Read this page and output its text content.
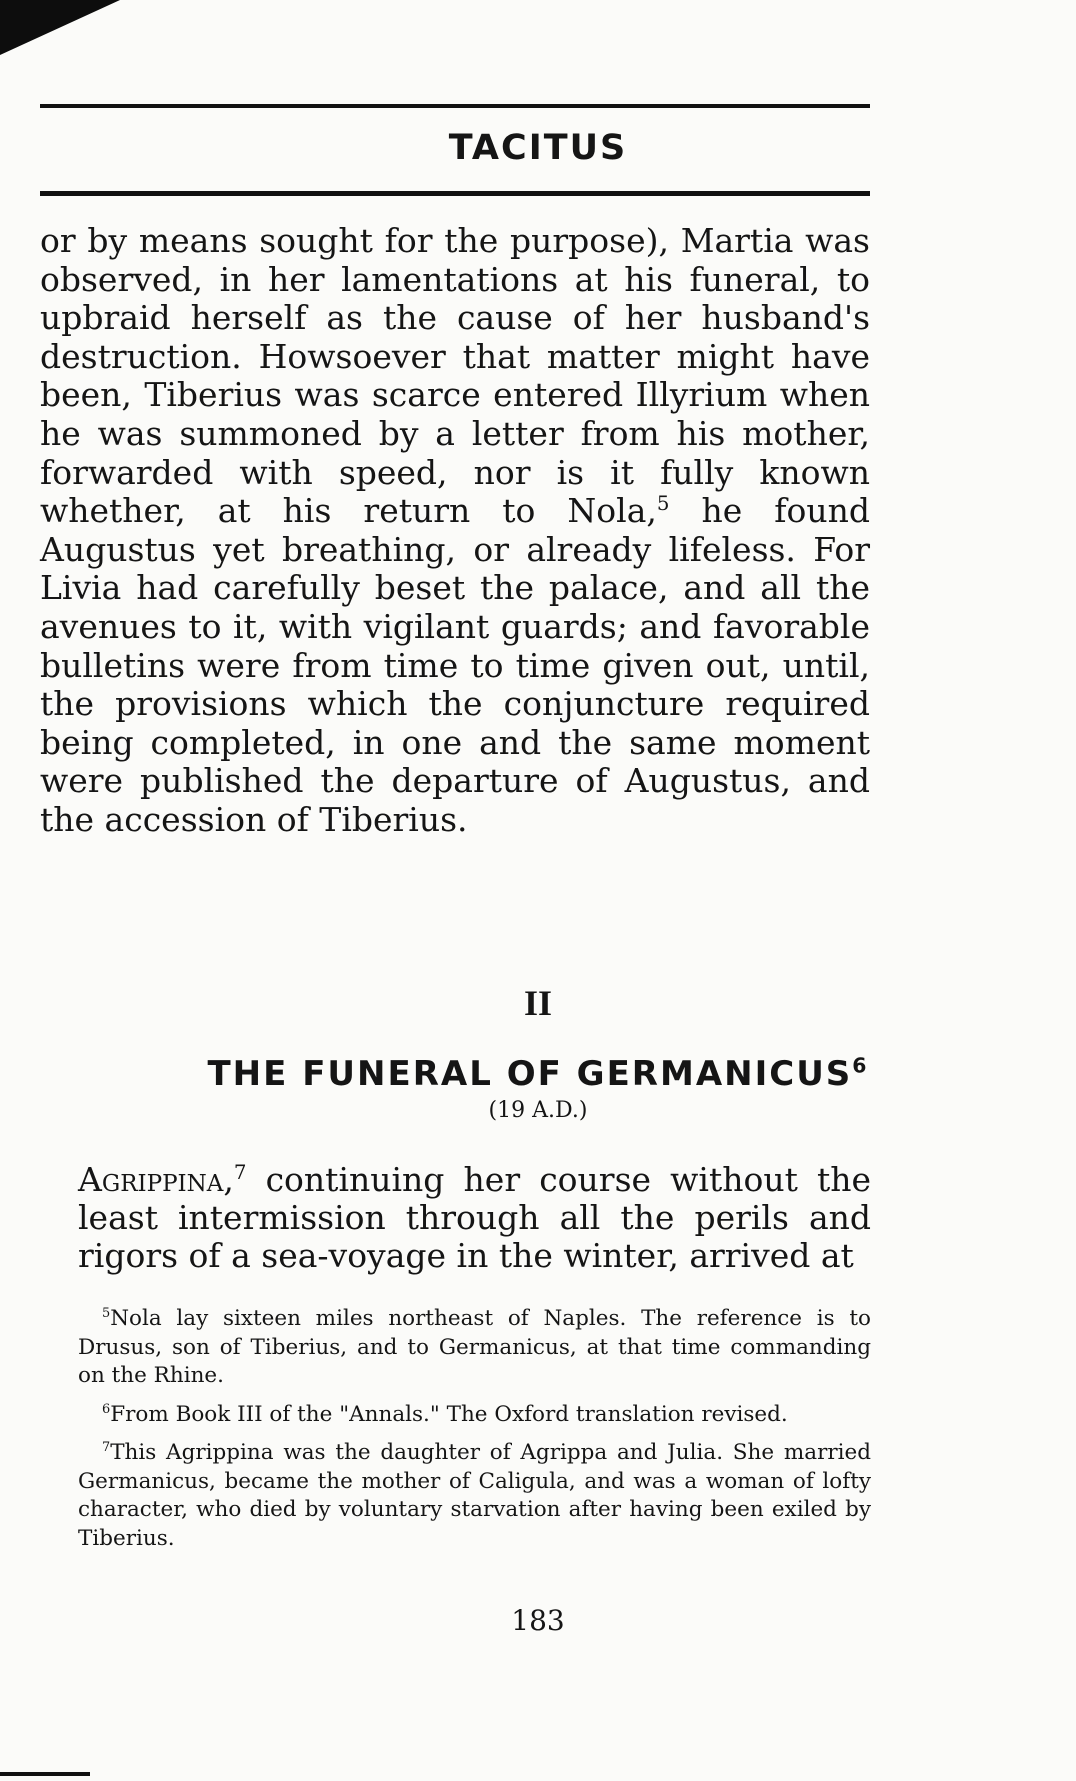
TACITUS
or by means sought for the purpose), Martia was observed, in her lamentations at his funeral, to upbraid herself as the cause of her husband's destruction. Howsoever that matter might have been, Tiberius was scarce entered Illyrium when he was summoned by a letter from his mother, forwarded with speed, nor is it fully known whether, at his return to Nola,$^5$ he found Augustus yet breathing, or already lifeless. For Livia had carefully beset the palace, and all the avenues to it, with vigilant guards; and favorable bulletins were from time to time given out, until, the provisions which the conjuncture required being completed, in one and the same moment were published the departure of Augustus, and the accession of Tiberius.
II
THE FUNERAL OF GERMANICUS$^6$
(19 A.D.)
Agrippina,$^7$ continuing her course without the least intermission through all the perils and rigors of a sea-voyage in the winter, arrived at

$^5$Nola lay sixteen miles northeast of Naples. The reference is to Drusus, son of Tiberius, and to Germanicus, at that time commanding on the Rhine.

$^6$From Book III of the "Annals." The Oxford translation revised.

$^7$This Agrippina was the daughter of Agrippa and Julia. She married Germanicus, became the mother of Caligula, and was a woman of lofty character, who died by voluntary starvation after having been exiled by Tiberius.

183
